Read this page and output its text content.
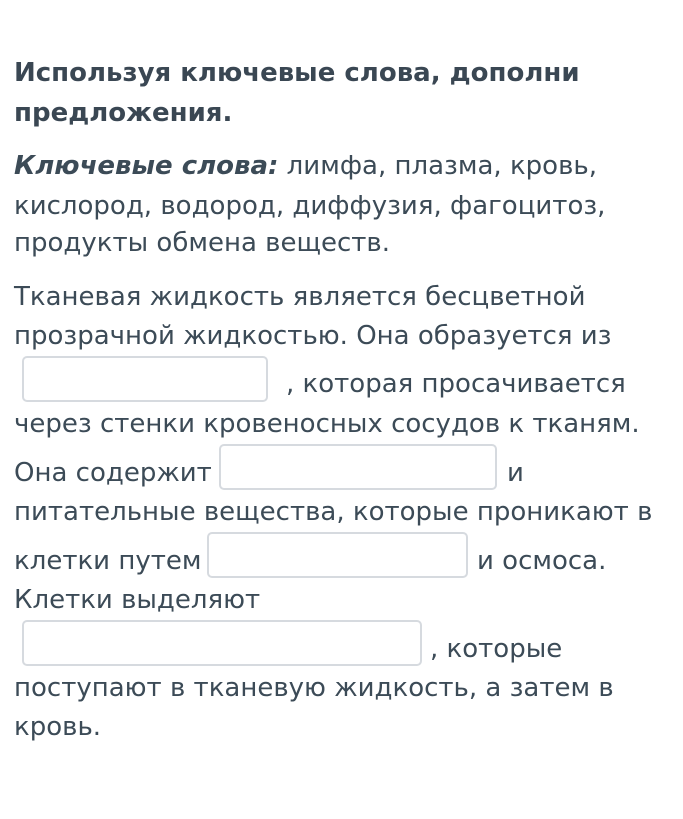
Используя ключевые слова, дополни
предложения.
Ключевые слова: лимфа, плазма, кровь,
кислород, водород, диффузия, фагоцитоз,
продукты обмена веществ.
Тканевая жидкость является бесцветной
прозрачной жидкостью. Она образуется из
, которая просачивается
через стенки кровеносных сосудов к тканям.
Она содержит	и
питательные вещества, которые проникают в
клетки путем	и осмоса.
Клетки выделяют
, которые
поступают в тканевую жидкость, а затем в
кровь.
